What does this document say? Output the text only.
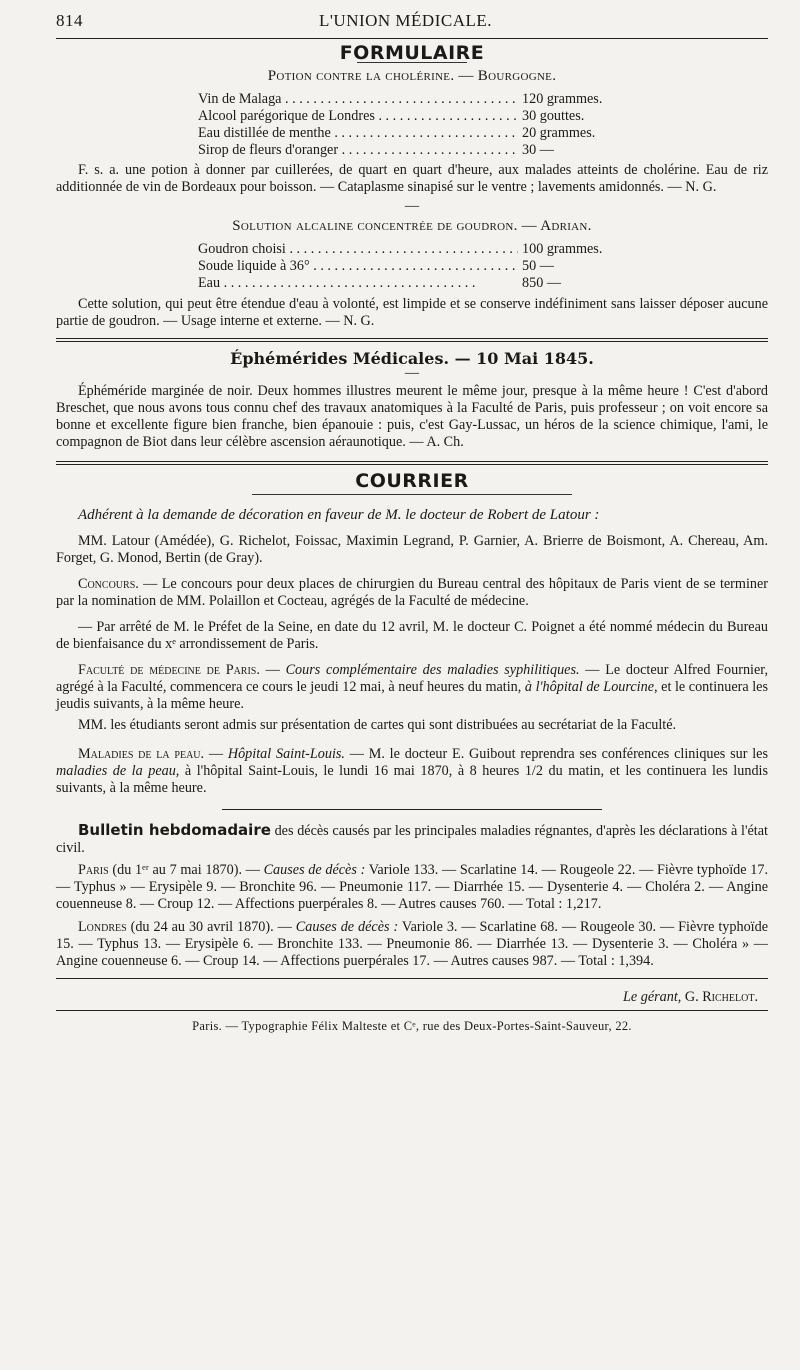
814	L'UNION MÉDICALE.
FORMULAIRE
Potion contre la cholérine. — Bourgogne.
Vin de Malaga . . .	120 grammes.
Alcool parégorique de Londres . . .	30 gouttes.
Eau distillée de menthe . . .	20 grammes.
Sirop de fleurs d'oranger . . .	30 —

F. s. a. une potion à donner par cuillerées, de quart en quart d'heure, aux malades atteints de cholérine. Eau de riz additionnée de vin de Bordeaux pour boisson. — Cataplasme sinapisé sur le ventre ; lavements amidonnés. — N. G.

—
Solution alcaline concentrée de goudron. — Adrian.
Goudron choisi . . .	100 grammes.
Soude liquide à 36° . . .	50 —
Eau . . .	850 —

Cette solution, qui peut être étendue d'eau à volonté, est limpide et se conserve indéfiniment sans laisser déposer aucune partie de goudron. — Usage interne et externe. — N. G.

Éphémérides Médicales. — 10 Mai 1845.
—

Éphéméride marginée de noir. Deux hommes illustres meurent le même jour, presque à la même heure ! C'est d'abord Breschet, que nous avons tous connu chef des travaux anatomiques à la Faculté de Paris, puis professeur ; on voit encore sa bonne et excellente figure bien franche, bien épanouie : puis, c'est Gay-Lussac, un héros de la science chimique, l'ami, le compagnon de Biot dans leur célèbre ascension aéraunotique. — A. Ch.

COURRIER

Adhérent à la demande de décoration en faveur de M. le docteur de Robert de Latour :

MM. Latour (Amédée), G. Richelot, Foissac, Maximin Legrand, P. Garnier, A. Brierre de Boismont, A. Chereau, Am. Forget, G. Monod, Bertin (de Gray).

Concours. — Le concours pour deux places de chirurgien du Bureau central des hôpitaux de Paris vient de se terminer par la nomination de MM. Polaillon et Cocteau, agrégés de la Faculté de médecine.

— Par arrêté de M. le Préfet de la Seine, en date du 12 avril, M. le docteur C. Poignet a été nommé médecin du Bureau de bienfaisance du xᵉ arrondissement de Paris.

Faculté de médecine de Paris. — Cours complémentaire des maladies syphilitiques. — Le docteur Alfred Fournier, agrégé à la Faculté, commencera ce cours le jeudi 12 mai, à neuf heures du matin, à l'hôpital de Lourcine, et le continuera les jeudis suivants, à la même heure.

MM. les étudiants seront admis sur présentation de cartes qui sont distribuées au secrétariat de la Faculté.

Maladies de la peau. — Hôpital Saint-Louis. — M. le docteur E. Guibout reprendra ses conférences cliniques sur les maladies de la peau, à l'hôpital Saint-Louis, le lundi 16 mai 1870, à 8 heures 1/2 du matin, et les continuera les lundis suivants, à la même heure.

Bulletin hebdomadaire des décès causés par les principales maladies régnantes, d'après les déclarations à l'état civil.

Paris (du 1ᵉʳ au 7 mai 1870). — Causes de décès : Variole 133. — Scarlatine 14. — Rougeole 22. — Fièvre typhoïde 17. — Typhus » — Erysipèle 9. — Bronchite 96. — Pneumonie 117. — Diarrhée 15. — Dysenterie 4. — Choléra 2. — Angine couenneuse 8. — Croup 12. — Affections puerpérales 8. — Autres causes 760. — Total : 1,217.

Londres (du 24 au 30 avril 1870). — Causes de décès : Variole 3. — Scarlatine 68. — Rougeole 30. — Fièvre typhoïde 15. — Typhus 13. — Erysipèle 6. — Bronchite 133. — Pneumonie 86. — Diarrhée 13. — Dysenterie 3. — Choléra » — Angine couenneuse 6. — Croup 14. — Affections puerpérales 17. — Autres causes 987. — Total : 1,394.

Le gérant, G. Richelot.
Paris. — Typographie Félix Malteste et Cᵉ, rue des Deux-Portes-Saint-Sauveur, 22.
